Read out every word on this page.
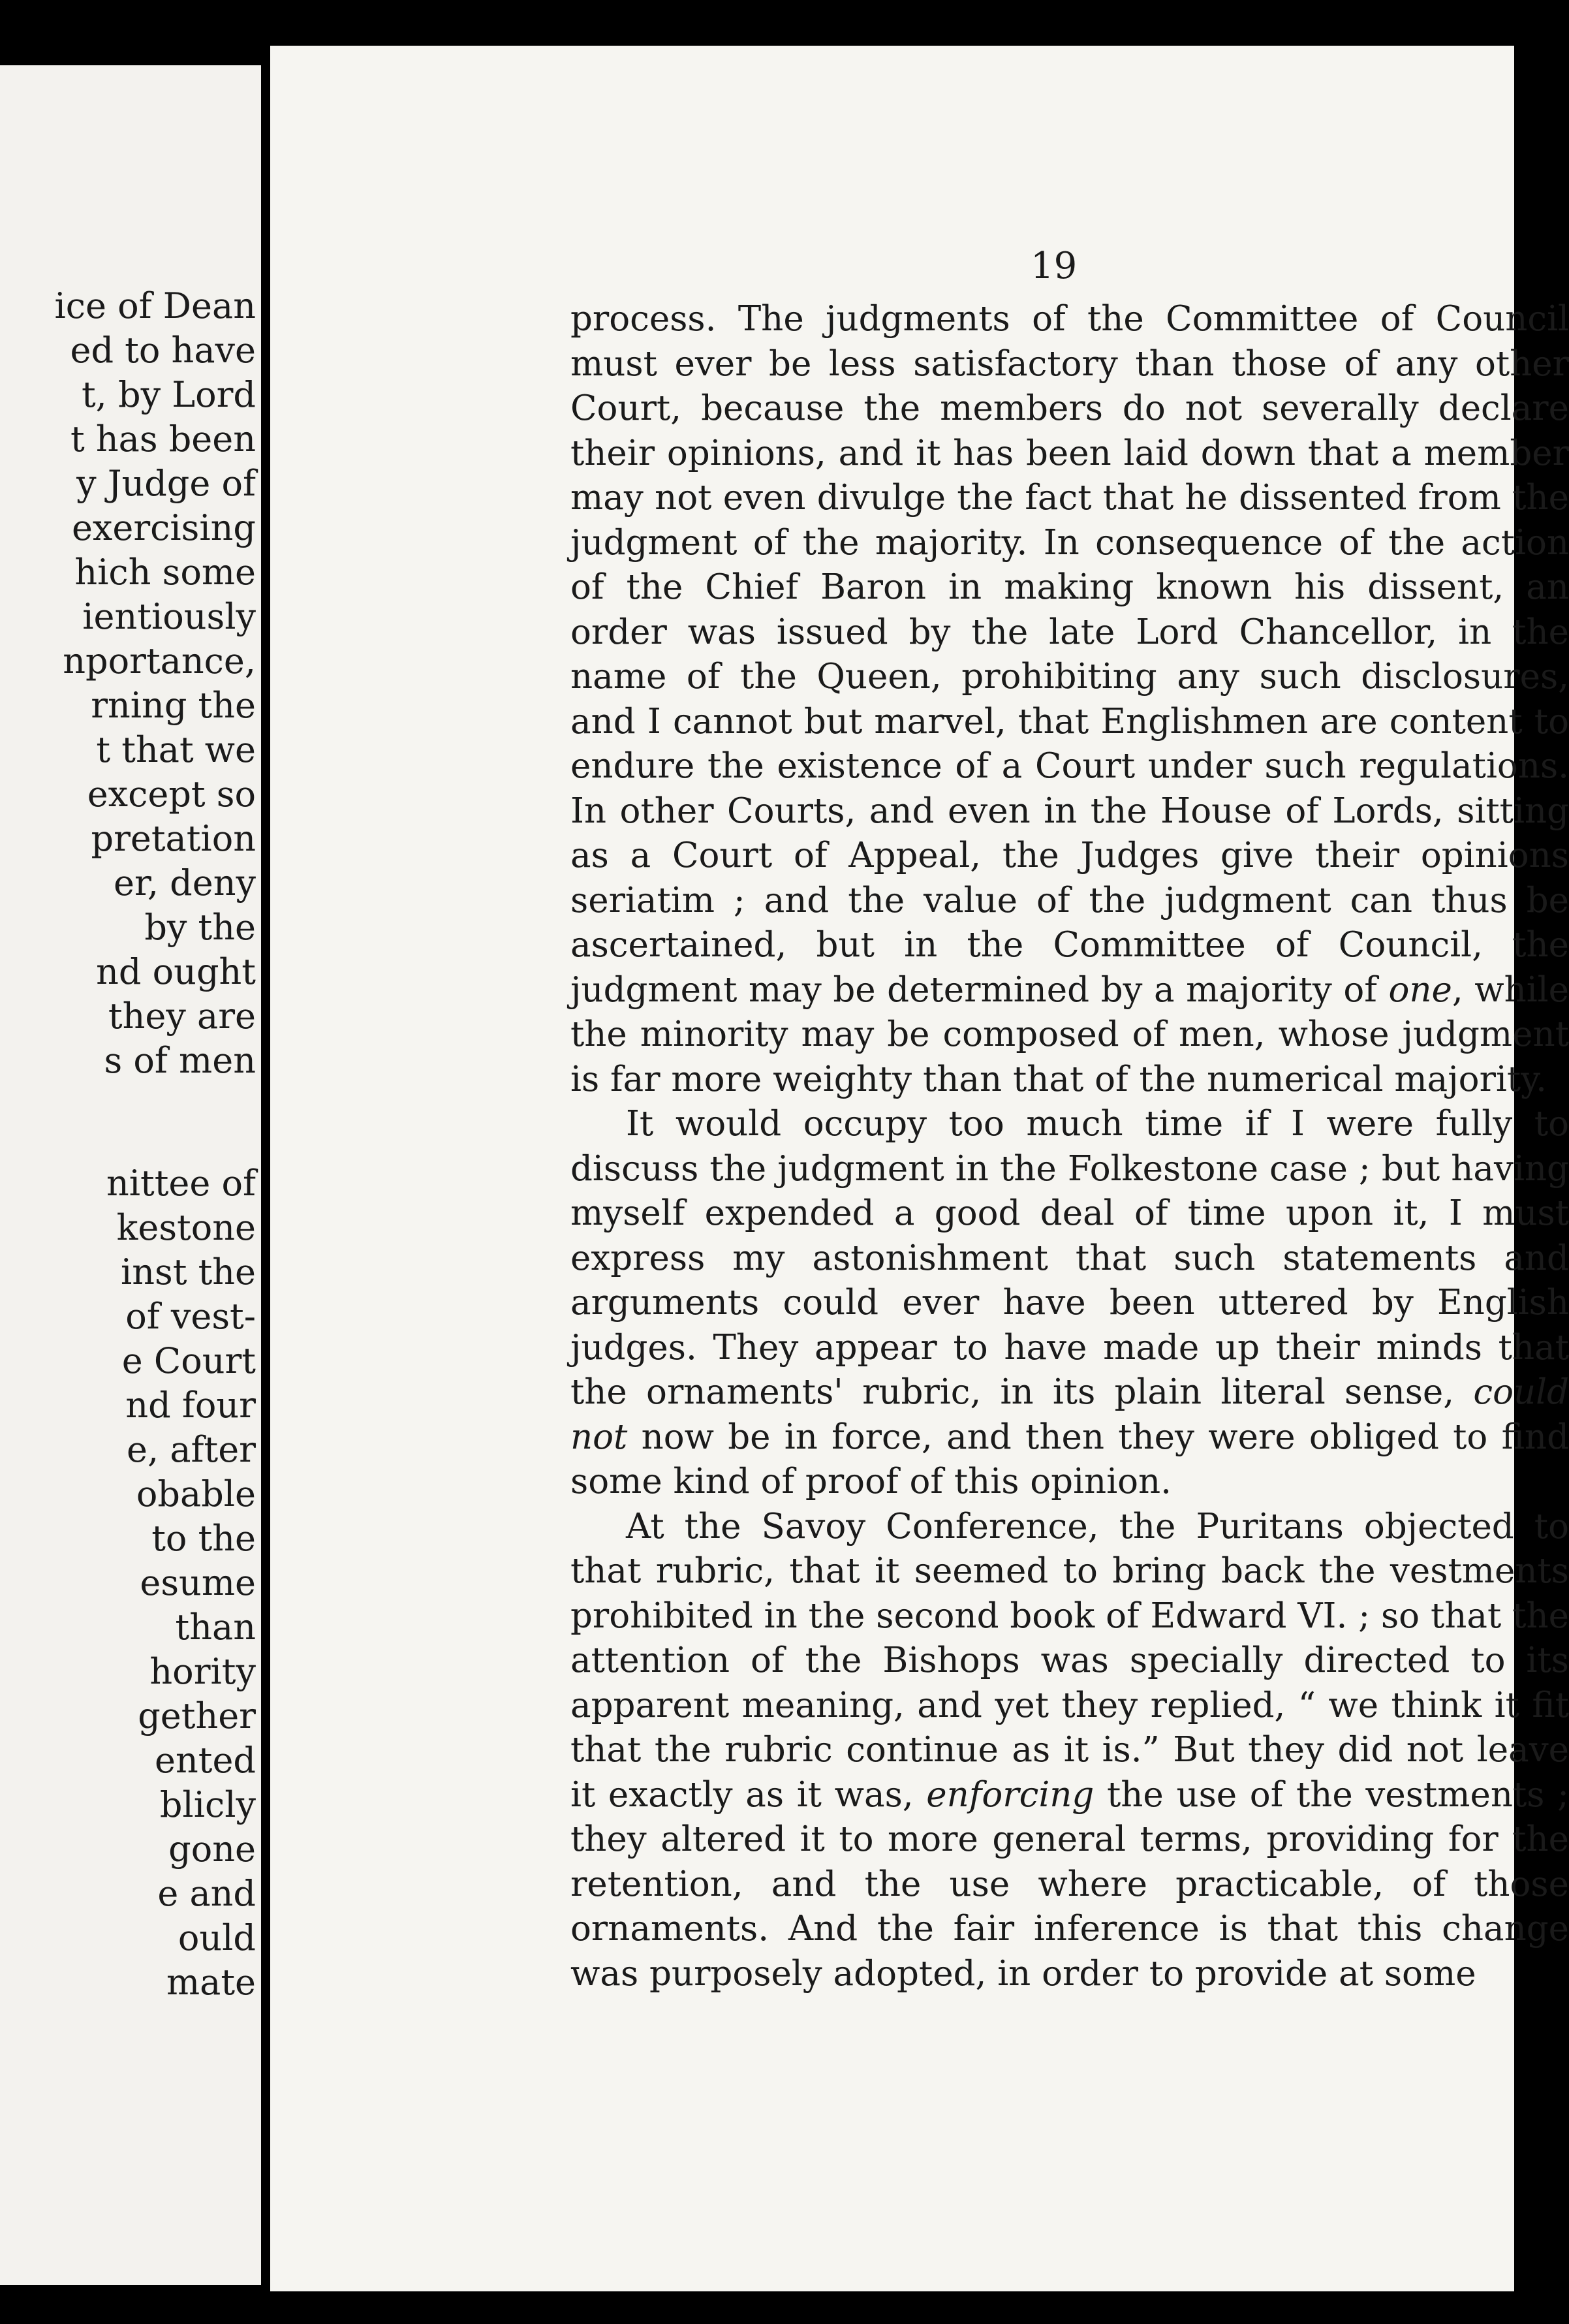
ice of Dean
ed to have
t, by Lord
t has been
y Judge of
exercising
hich some
ientiously
nportance,
rning the
t that we
except so
pretation
er, deny
by the
nd ought
they are
s of men
nittee of
kestone
inst the
of vest-
e Court
nd four
e, after
obable
to the
esume
than
hority
gether
ented
blicly
gone
e and
ould
mate
19

process. The judgments of the Committee of Council must ever be less satisfactory than those of any other Court, because the members do not severally declare their opinions, and it has been laid down that a member may not even divulge the fact that he dissented from the judgment of the majority. In consequence of the action of the Chief Baron in making known his dissent, an order was issued by the late Lord Chancellor, in the name of the Queen, prohibiting any such disclosures, and I cannot but marvel, that Englishmen are content to endure the existence of a Court under such regulations. In other Courts, and even in the House of Lords, sitting as a Court of Appeal, the Judges give their opinions seriatim ; and the value of the judgment can thus be ascertained, but in the Committee of Council, the judgment may be determined by a majority of one, while the minority may be composed of men, whose judgment is far more weighty than that of the numerical majority.

It would occupy too much time if I were fully to discuss the judgment in the Folkestone case ; but having myself expended a good deal of time upon it, I must express my astonishment that such statements and arguments could ever have been uttered by English judges. They appear to have made up their minds that the ornaments' rubric, in its plain literal sense, could not now be in force, and then they were obliged to find some kind of proof of this opinion.

At the Savoy Conference, the Puritans objected to that rubric, that it seemed to bring back the vestments prohibited in the second book of Edward VI. ; so that the attention of the Bishops was specially directed to its apparent meaning, and yet they replied, “ we think it fit that the rubric continue as it is.” But they did not leave it exactly as it was, enforcing the use of the vestments ; they altered it to more general terms, providing for the retention, and the use where practicable, of those ornaments. And the fair inference is that this change was purposely adopted, in order to provide at some
